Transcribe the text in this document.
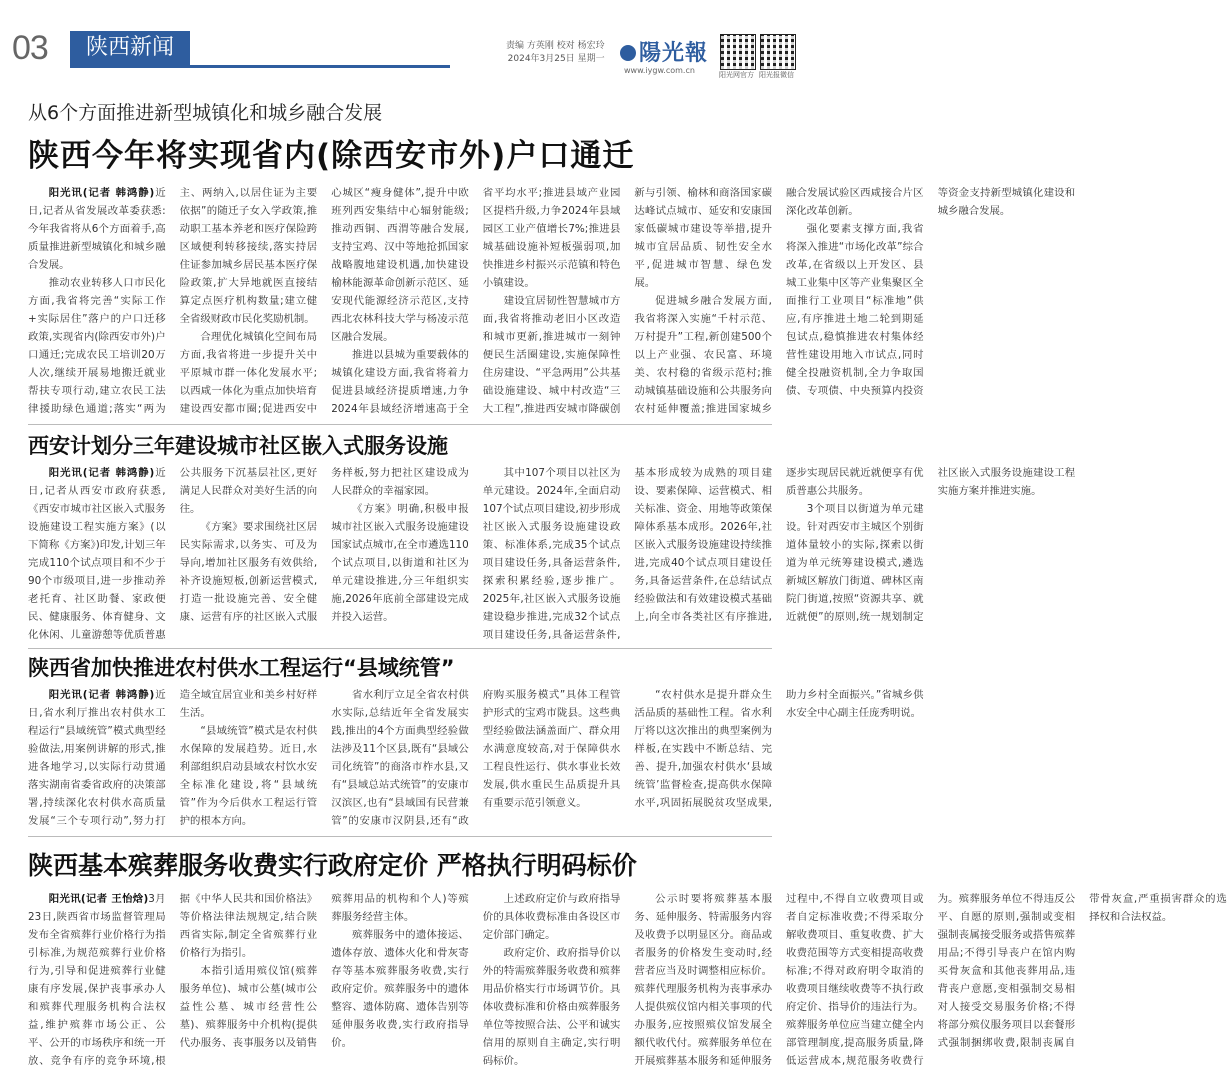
03	陕西新闻	责编 方英刚 校对 杨宏玲
2024年3月25日 星期一	陽光報
www.iygw.com.cn	阳光网官方 阳光报微信
从6个方面推进新型城镇化和城乡融合发展
陕西今年将实现省内(除西安市外)户口通迁

阳光讯(记者 韩鸿静)近日,记者从省发展改革委获悉:今年我省将从6个方面着手,高质量推进新型城镇化和城乡融合发展。

推动农业转移人口市民化方面,我省将完善“实际工作+实际居住”落户的户口迁移政策,实现省内(除西安市外)户口通迁;完成农民工培训20万人次,继续开展易地搬迁就业帮扶专项行动,建立农民工法律援助绿色通道;落实“两为主、两纳入,以居住证为主要依据”的随迁子女入学政策,推动职工基本养老和医疗保险跨区域便利转移接续,落实持居住证参加城乡居民基本医疗保险政策,扩大异地就医直接结算定点医疗机构数量;建立健全省级财政市民化奖励机制。

合理优化城镇化空间布局方面,我省将进一步提升关中平原城市群一体化发展水平;以西咸一体化为重点加快培育建设西安都市圈;促进西安中心城区“瘦身健体”,提升中欧班列西安集结中心辐射能级;推动西铜、西渭等融合发展,支持宝鸡、汉中等地抢抓国家战略腹地建设机遇,加快建设榆林能源革命创新示范区、延安现代能源经济示范区,支持西北农林科技大学与杨凌示范区融合发展。

推进以县城为重要载体的城镇化建设方面,我省将着力促进县域经济提质增速,力争2024年县域经济增速高于全省平均水平;推进县域产业园区提档升级,力争2024年县域园区工业产值增长7%;推进县城基础设施补短板强弱项,加快推进乡村振兴示范镇和特色小镇建设。

建设宜居韧性智慧城市方面,我省将推动老旧小区改造和城市更新,推进城市一刻钟便民生活圈建设,实施保障性住房建设、“平急两用”公共基础设施建设、城中村改造“三大工程”,推进西安城市降碳创新与引领、榆林和商洛国家碳达峰试点城市、延安和安康国家低碳城市建设等举措,提升城市宜居品质、韧性安全水平,促进城市智慧、绿色发展。

促进城乡融合发展方面,我省将深入实施“千村示范、万村提升”工程,新创建500个以上产业强、农民富、环境美、农村稳的省级示范村;推动城镇基础设施和公共服务向农村延伸覆盖;推进国家城乡融合发展试验区西咸接合片区深化改革创新。

强化要素支撑方面,我省将深入推进“市场化改革”综合改革,在省级以上开发区、县城工业集中区等产业集聚区全面推行工业项目“标准地”供应,有序推进土地二轮到期延包试点,稳慎推进农村集体经营性建设用地入市试点,同时健全投融资机制,全力争取国债、专项债、中央预算内投资等资金支持新型城镇化建设和城乡融合发展。

西安计划分三年建设城市社区嵌入式服务设施

阳光讯(记者 韩鸿静)近日,记者从西安市政府获悉,《西安市城市社区嵌入式服务设施建设工程实施方案》(以下简称《方案》)印发,计划三年完成110个试点项目和不少于90个市级项目,进一步推动养老托育、社区助餐、家政便民、健康服务、体育健身、文化休闲、儿童游憩等优质普惠公共服务下沉基层社区,更好满足人民群众对美好生活的向往。

《方案》要求围绕社区居民实际需求,以务实、可及为导向,增加社区服务有效供给,补齐设施短板,创新运营模式,打造一批设施完善、安全健康、运营有序的社区嵌入式服务样板,努力把社区建设成为人民群众的幸福家园。

《方案》明确,积极申报城市社区嵌入式服务设施建设国家试点城市,在全市遴选110个试点项目,以街道和社区为单元建设推进,分三年组织实施,2026年底前全部建设完成并投入运营。

其中107个项目以社区为单元建设。2024年,全面启动107个试点项目建设,初步形成社区嵌入式服务设施建设政策、标准体系,完成35个试点项目建设任务,具备运营条件,探索积累经验,逐步推广。2025年,社区嵌入式服务设施建设稳步推进,完成32个试点项目建设任务,具备运营条件,基本形成较为成熟的项目建设、要素保障、运营模式、相关标准、资金、用地等政策保障体系基本成形。2026年,社区嵌入式服务设施建设持续推进,完成40个试点项目建设任务,具备运营条件,在总结试点经验做法和有效建设模式基础上,向全市各类社区有序推进,逐步实现居民就近就便享有优质普惠公共服务。

3个项目以街道为单元建设。针对西安市主城区个别街道体量较小的实际,探索以街道为单元统筹建设模式,遴选新城区解放门街道、碑林区南院门街道,按照“资源共享、就近就便”的原则,统一规划制定社区嵌入式服务设施建设工程实施方案并推进实施。

陕西省加快推进农村供水工程运行“县域统管”

阳光讯(记者 韩鸿静)近日,省水利厅推出农村供水工程运行“县域统管”模式典型经验做法,用案例讲解的形式,推进各地学习,以实际行动贯通落实湖南省委省政府的决策部署,持续深化农村供水高质量发展“三个专项行动”,努力打造全域宜居宜业和美乡村好样生活。

“县域统管”模式是农村供水保障的发展趋势。近日,水利部组织启动县域农村饮水安全标准化建设,将“县域统管”作为今后供水工程运行管护的根本方向。

省水利厅立足全省农村供水实际,总结近年全省发展实践,推出的4个方面典型经验做法涉及11个区县,既有“县域公司化统管”的商洛市柞水县,又有“县域总站式统管”的安康市汉滨区,也有“县域国有民营兼管”的安康市汉阴县,还有“政府购买服务模式”具体工程管护形式的宝鸡市陇县。这些典型经验做法涵盖面广、群众用水满意度较高,对于保障供水工程良性运行、供水事业长效发展,供水重民生品质提升具有重要示范引领意义。

“农村供水是提升群众生活品质的基础性工程。省水利厅将以这次推出的典型案例为样板,在实践中不断总结、完善、提升,加强农村供水‘县域统管’监督检查,提高供水保障水平,巩固拓展脱贫攻坚成果,助力乡村全面振兴。”省城乡供水安全中心副主任庞秀明说。

陕西基本殡葬服务收费实行政府定价 严格执行明码标价

阳光讯(记者 王怡焓)3月23日,陕西省市场监督管理局发布全省殡葬行业价格行为指引标准,为规范殡葬行业价格行为,引导和促进殡葬行业健康有序发展,保护丧事承办人和殡葬代理服务机构合法权益,维护殡葬市场公正、公平、公开的市场秩序和统一开放、竞争有序的竞争环境,根据《中华人民共和国价格法》等价格法律法规规定,结合陕西省实际,制定全省殡葬行业价格行为指引。

本指引适用殡仪馆(殡葬服务单位)、城市公墓(城市公益性公墓、城市经营性公墓)、殡葬服务中介机构(提供代办服务、丧事服务以及销售殡葬用品的机构和个人)等殡葬服务经营主体。

殡葬服务中的遗体接运、遗体存放、遗体火化和骨灰寄存等基本殡葬服务收费,实行政府定价。殡葬服务中的遗体整容、遗体防腐、遗体告别等延伸服务收费,实行政府指导价。

上述政府定价与政府指导价的具体收费标准由各设区市定价部门确定。

政府定价、政府指导价以外的特需殡葬服务收费和殡葬用品价格实行市场调节价。具体收费标准和价格由殡葬服务单位等按照合法、公平和诚实信用的原则自主确定,实行明码标价。

公示时要将殡葬基本服务、延伸服务、特需服务内容及收费予以明显区分。商品或者服务的价格发生变动时,经营者应当及时调整相应标价。殡葬代理服务机构为丧事承办人提供殡仪馆内相关事项的代办服务,应按照殡仪馆发展全额代收代付。殡葬服务单位在开展殡葬基本服务和延伸服务过程中,不得自立收费项目或者自定标准收费;不得采取分解收费项目、重复收费、扩大收费范围等方式变相提高收费标准;不得对政府明令取消的收费项目继续收费等不执行政府定价、指导价的违法行为。殡葬服务单位应当建立健全内部管理制度,提高服务质量,降低运营成本,规范服务收费行为。殡葬服务单位不得违反公平、自愿的原则,强制或变相强制丧属接受服务或搭售殡葬用品;不得引导丧户在馆内购买骨灰盒和其他丧葬用品,违背丧户意愿,变相强制交易相对人接受交易服务价格;不得将部分殡仪服务项目以套餐形式强制捆绑收费,限制丧属自带骨灰盒,严重损害群众的选择权和合法权益。
